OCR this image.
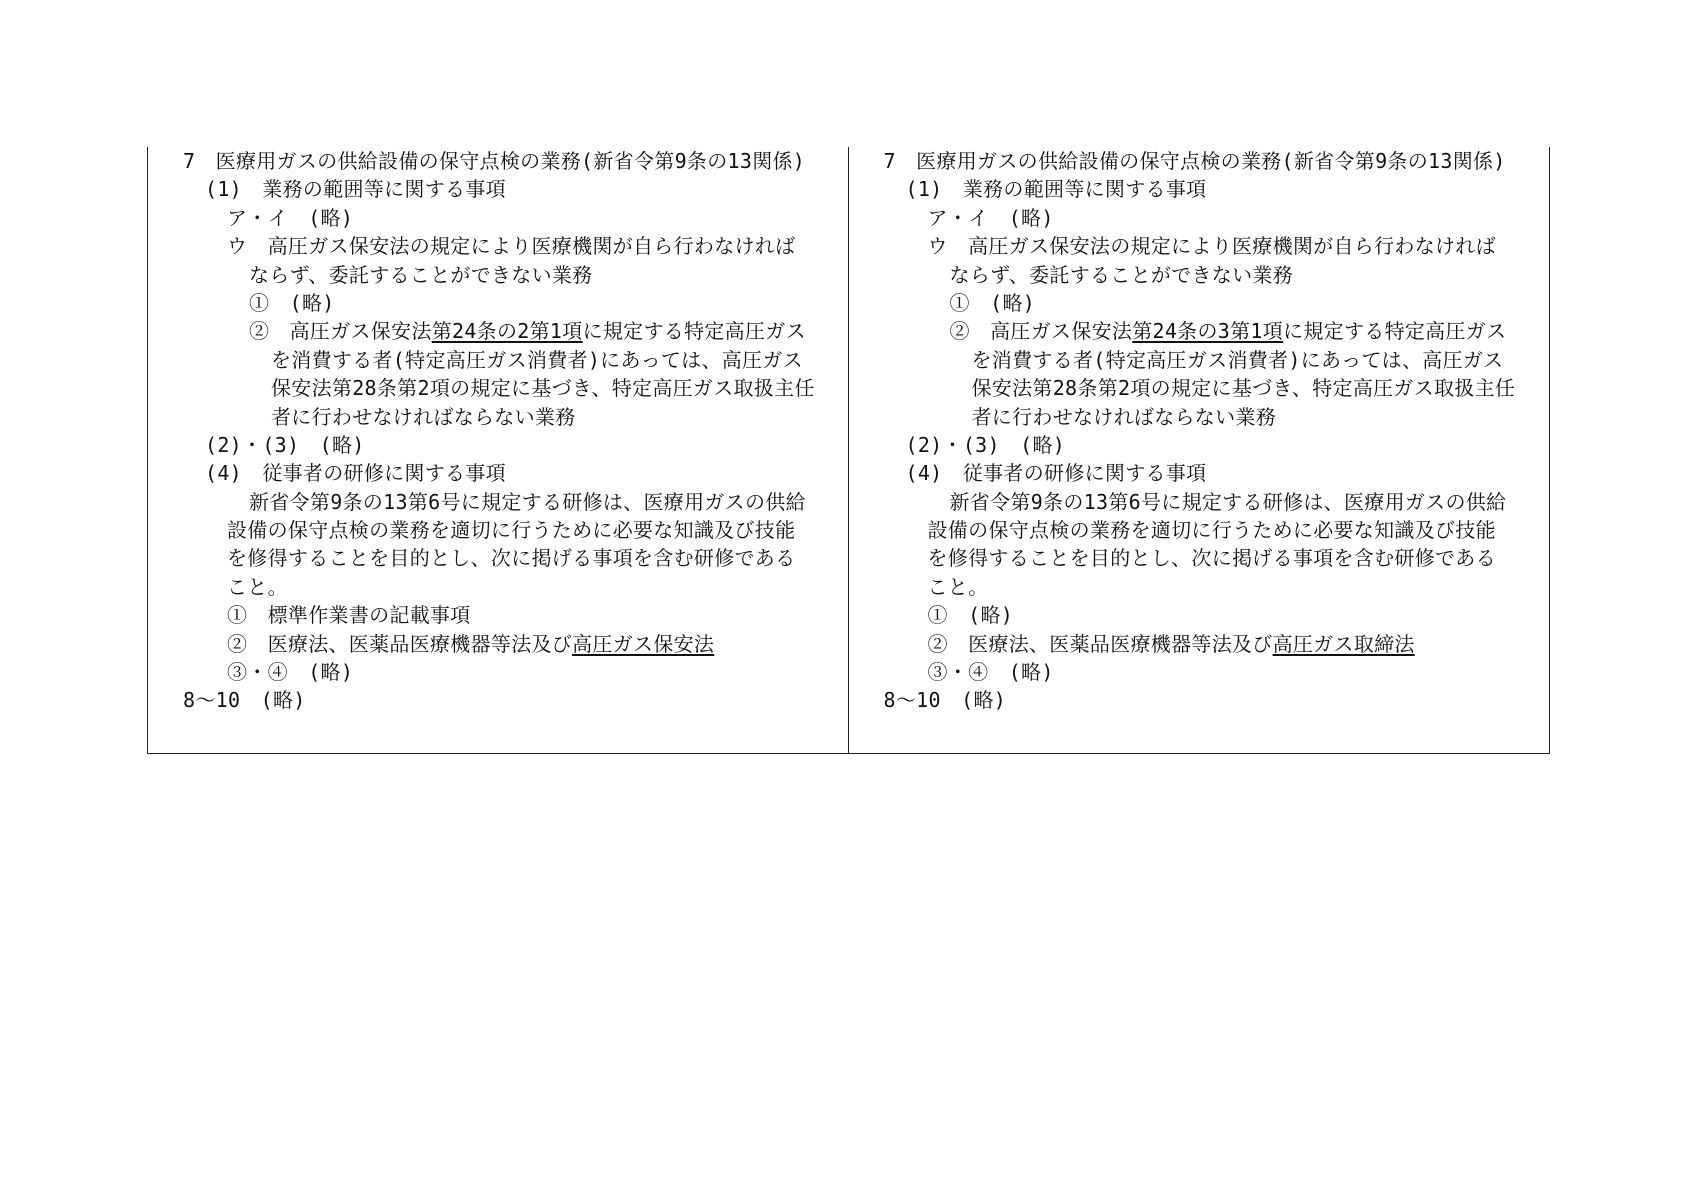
7　医療用ガスの供給設備の保守点検の業務(新省令第9条の13関係)
(1)　業務の範囲等に関する事項
ア・イ　(略)
ウ　高圧ガス保安法の規定により医療機関が自ら行わなければ
ならず、委託することができない業務
①　(略)
②　高圧ガス保安法第24条の2第1項に規定する特定高圧ガス
を消費する者(特定高圧ガス消費者)にあっては、高圧ガス
保安法第28条第2項の規定に基づき、特定高圧ガス取扱主任
者に行わせなければならない業務
(2)・(3)　(略)
(4)　従事者の研修に関する事項
新省令第9条の13第6号に規定する研修は、医療用ガスの供給
設備の保守点検の業務を適切に行うために必要な知識及び技能
を修得することを目的とし、次に掲げる事項を含む研修である
こと。
①　標準作業書の記載事項
②　医療法、医薬品医療機器等法及び高圧ガス保安法
③・④　(略)
8～10　(略)
7　医療用ガスの供給設備の保守点検の業務(新省令第9条の13関係)
(1)　業務の範囲等に関する事項
ア・イ　(略)
ウ　高圧ガス保安法の規定により医療機関が自ら行わなければ
ならず、委託することができない業務
①　(略)
②　高圧ガス保安法第24条の3第1項に規定する特定高圧ガス
を消費する者(特定高圧ガス消費者)にあっては、高圧ガス
保安法第28条第2項の規定に基づき、特定高圧ガス取扱主任
者に行わせなければならない業務
(2)・(3)　(略)
(4)　従事者の研修に関する事項
新省令第9条の13第6号に規定する研修は、医療用ガスの供給
設備の保守点検の業務を適切に行うために必要な知識及び技能
を修得することを目的とし、次に掲げる事項を含む研修である
こと。
①　(略)
②　医療法、医薬品医療機器等法及び高圧ガス取締法
③・④　(略)
8～10　(略)
